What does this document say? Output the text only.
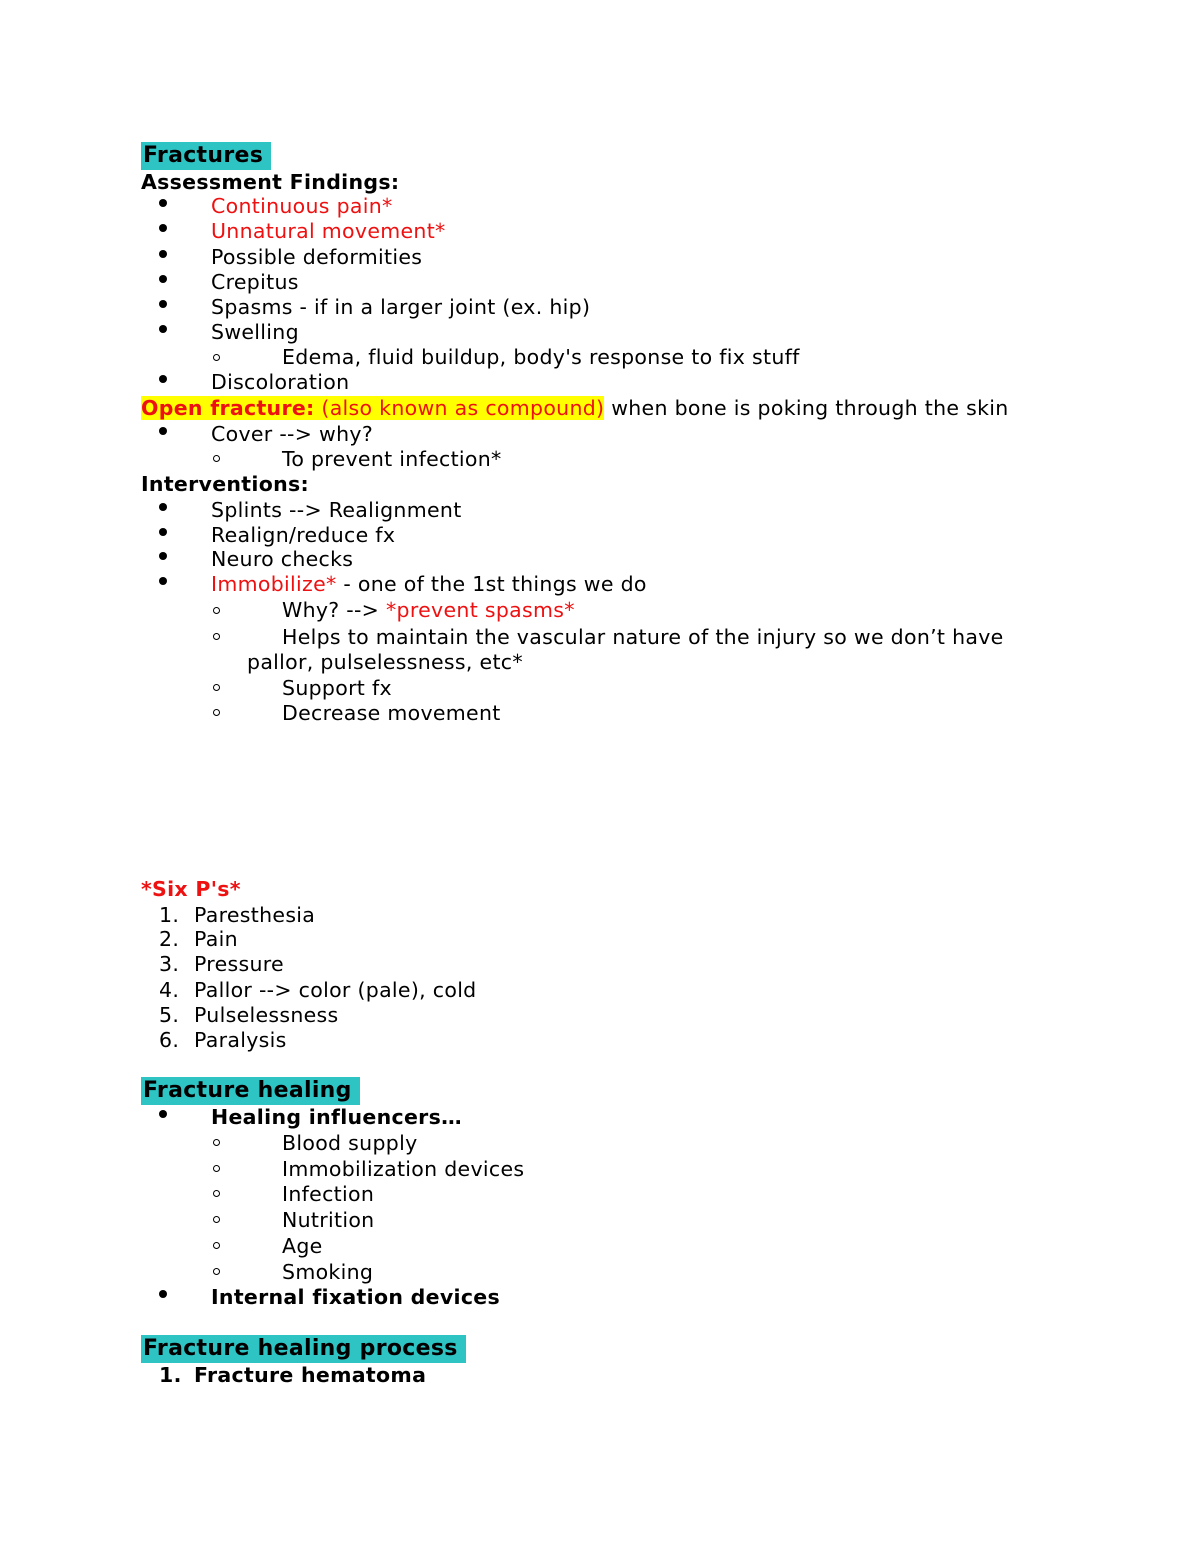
Fractures
Assessment Findings:
Continuous pain*
Unnatural movement*
Possible deformities
Crepitus
Spasms - if in a larger joint (ex. hip)
Swelling
Edema, fluid buildup, body's response to fix stuff
Discoloration
Open fracture: (also known as compound) when bone is poking through the skin
Cover --> why?
To prevent infection*
Interventions:
Splints --> Realignment
Realign/reduce fx
Neuro checks
Immobilize* - one of the 1st things we do
Why? --> *prevent spasms*
Helps to maintain the vascular nature of the injury so we don’t have
pallor, pulselessness, etc*
Support fx
Decrease movement
*Six P's*
1. Paresthesia
2. Pain
3. Pressure
4. Pallor --> color (pale), cold
5. Pulselessness
6. Paralysis
Fracture healing
Healing influencers…
Blood supply
Immobilization devices
Infection
Nutrition
Age
Smoking
Internal fixation devices
Fracture healing process
1. Fracture hematoma
